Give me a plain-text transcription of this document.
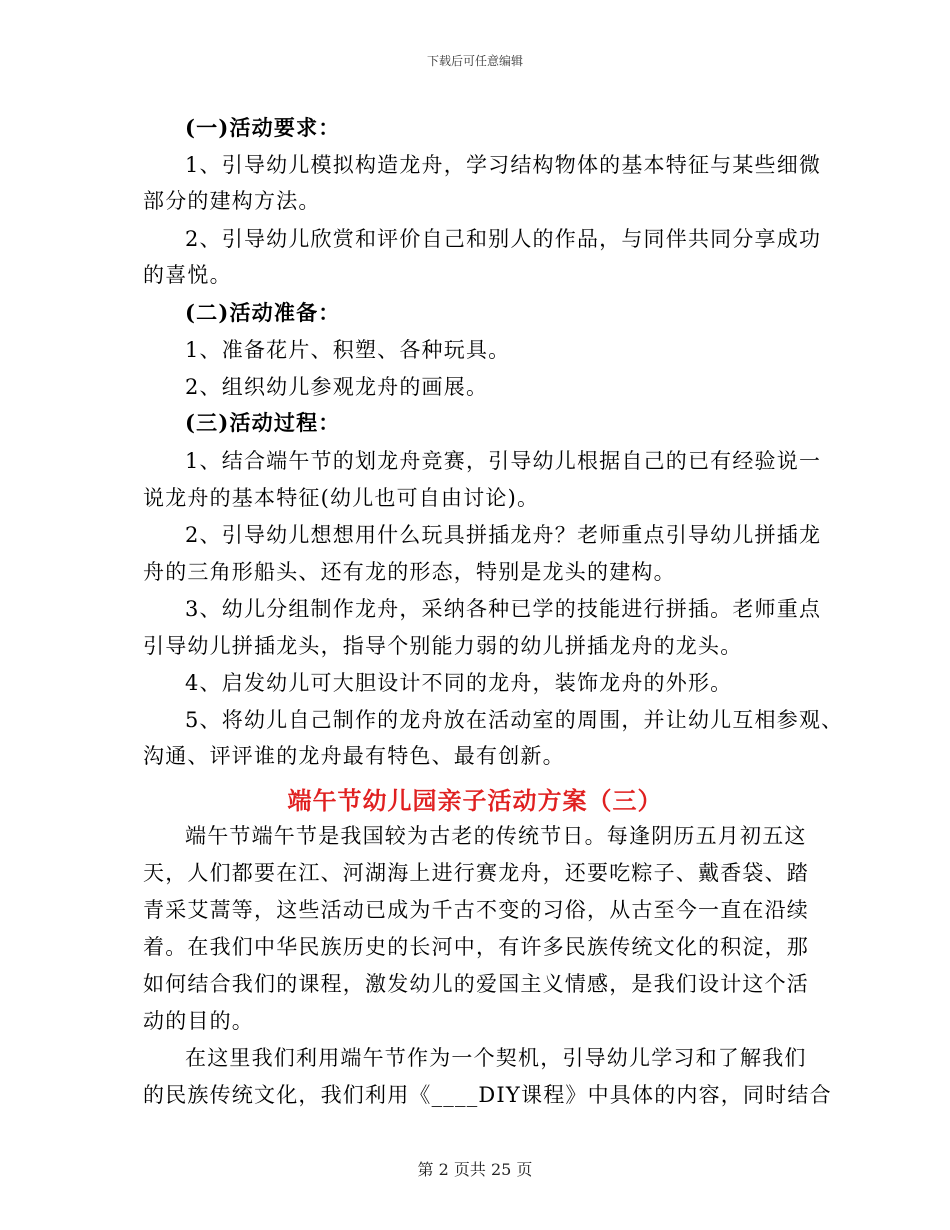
下载后可任意编辑
(一)活动要求：
1、引导幼儿模拟构造龙舟，学习结构物体的基本特征与某些细微
部分的建构方法。
2、引导幼儿欣赏和评价自己和别人的作品，与同伴共同分享成功
的喜悦。
(二)活动准备：
1、准备花片、积塑、各种玩具。
2、组织幼儿参观龙舟的画展。
(三)活动过程：
1、结合端午节的划龙舟竞赛，引导幼儿根据自己的已有经验说一
说龙舟的基本特征(幼儿也可自由讨论)。
2、引导幼儿想想用什么玩具拼插龙舟？老师重点引导幼儿拼插龙
舟的三角形船头、还有龙的形态，特别是龙头的建构。
3、幼儿分组制作龙舟，采纳各种已学的技能进行拼插。老师重点
引导幼儿拼插龙头，指导个别能力弱的幼儿拼插龙舟的龙头。
4、启发幼儿可大胆设计不同的龙舟，装饰龙舟的外形。
5、将幼儿自己制作的龙舟放在活动室的周围，并让幼儿互相参观、
沟通、评评谁的龙舟最有特色、最有创新。
端午节幼儿园亲子活动方案（三）
端午节端午节是我国较为古老的传统节日。每逢阴历五月初五这
天，人们都要在江、河湖海上进行赛龙舟，还要吃粽子、戴香袋、踏
青采艾蒿等，这些活动已成为千古不变的习俗，从古至今一直在沿续
着。在我们中华民族历史的长河中，有许多民族传统文化的积淀，那
如何结合我们的课程，激发幼儿的爱国主义情感，是我们设计这个活
动的目的。
在这里我们利用端午节作为一个契机，引导幼儿学习和了解我们
的民族传统文化，我们利用《____DIY课程》中具体的内容，同时结合
第 2 页共 25 页
